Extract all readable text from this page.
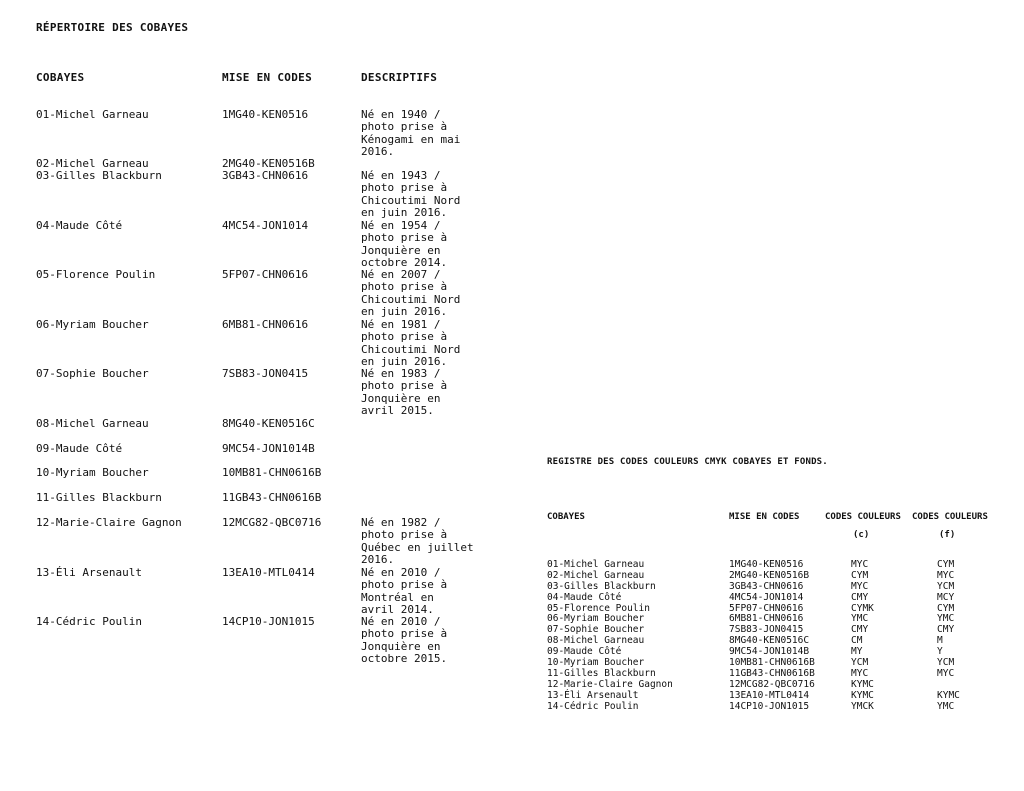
RÉPERTOIRE DES COBAYES
COBAYES	MISE EN CODES	DESCRIPTIFS
01-Michel Garneau	1MG40-KEN0516	Né en 1940 /
photo prise à
Kénogami en mai
2016.
02-Michel Garneau	2MG40-KEN0516B
03-Gilles Blackburn	3GB43-CHN0616	Né en 1943 /
photo prise à
Chicoutimi Nord
en juin 2016.
04-Maude Côté	4MC54-JON1014	Né en 1954 /
photo prise à
Jonquière en
octobre 2014.
05-Florence Poulin	5FP07-CHN0616	Né en 2007 /
photo prise à
Chicoutimi Nord
en juin 2016.
06-Myriam Boucher	6MB81-CHN0616	Né en 1981 /
photo prise à
Chicoutimi Nord
en juin 2016.
07-Sophie Boucher	7SB83-JON0415	Né en 1983 /
photo prise à
Jonquière en
avril 2015.
08-Michel Garneau	8MG40-KEN0516C
09-Maude Côté	9MC54-JON1014B
10-Myriam Boucher	10MB81-CHN0616B
11-Gilles Blackburn	11GB43-CHN0616B
12-Marie-Claire Gagnon	12MCG82-QBC0716	Né en 1982 /
photo prise à
Québec en juillet
2016.
13-Éli Arsenault	13EA10-MTL0414	Né en 2010 /
photo prise à
Montréal en
avril 2014.
14-Cédric Poulin	14CP10-JON1015	Né en 2010 /
photo prise à
Jonquière en
octobre 2015.
REGISTRE DES CODES COULEURS CMYK COBAYES ET FONDS.
COBAYES	MISE EN CODES	CODES COULEURS CODES COULEURS
(c)	(f)
01-Michel Garneau	1MG40-KEN0516	MYC	CYM
02-Michel Garneau	2MG40-KEN0516B	CYM	MYC
03-Gilles Blackburn	3GB43-CHN0616	MYC	YCM
04-Maude Côté	4MC54-JON1014	CMY	MCY
05-Florence Poulin	5FP07-CHN0616	CYMK	CYM
06-Myriam Boucher	6MB81-CHN0616	YMC	YMC
07-Sophie Boucher	7SB83-JON0415	CMY	CMY
08-Michel Garneau	8MG40-KEN0516C	CM	M
09-Maude Côté	9MC54-JON1014B	MY	Y
10-Myriam Boucher	10MB81-CHN0616B	YCM	YCM
11-Gilles Blackburn	11GB43-CHN0616B	MYC	MYC
12-Marie-Claire Gagnon	12MCG82-QBC0716	KYMC
13-Éli Arsenault	13EA10-MTL0414	KYMC	KYMC
14-Cédric Poulin	14CP10-JON1015	YMCK	YMC
